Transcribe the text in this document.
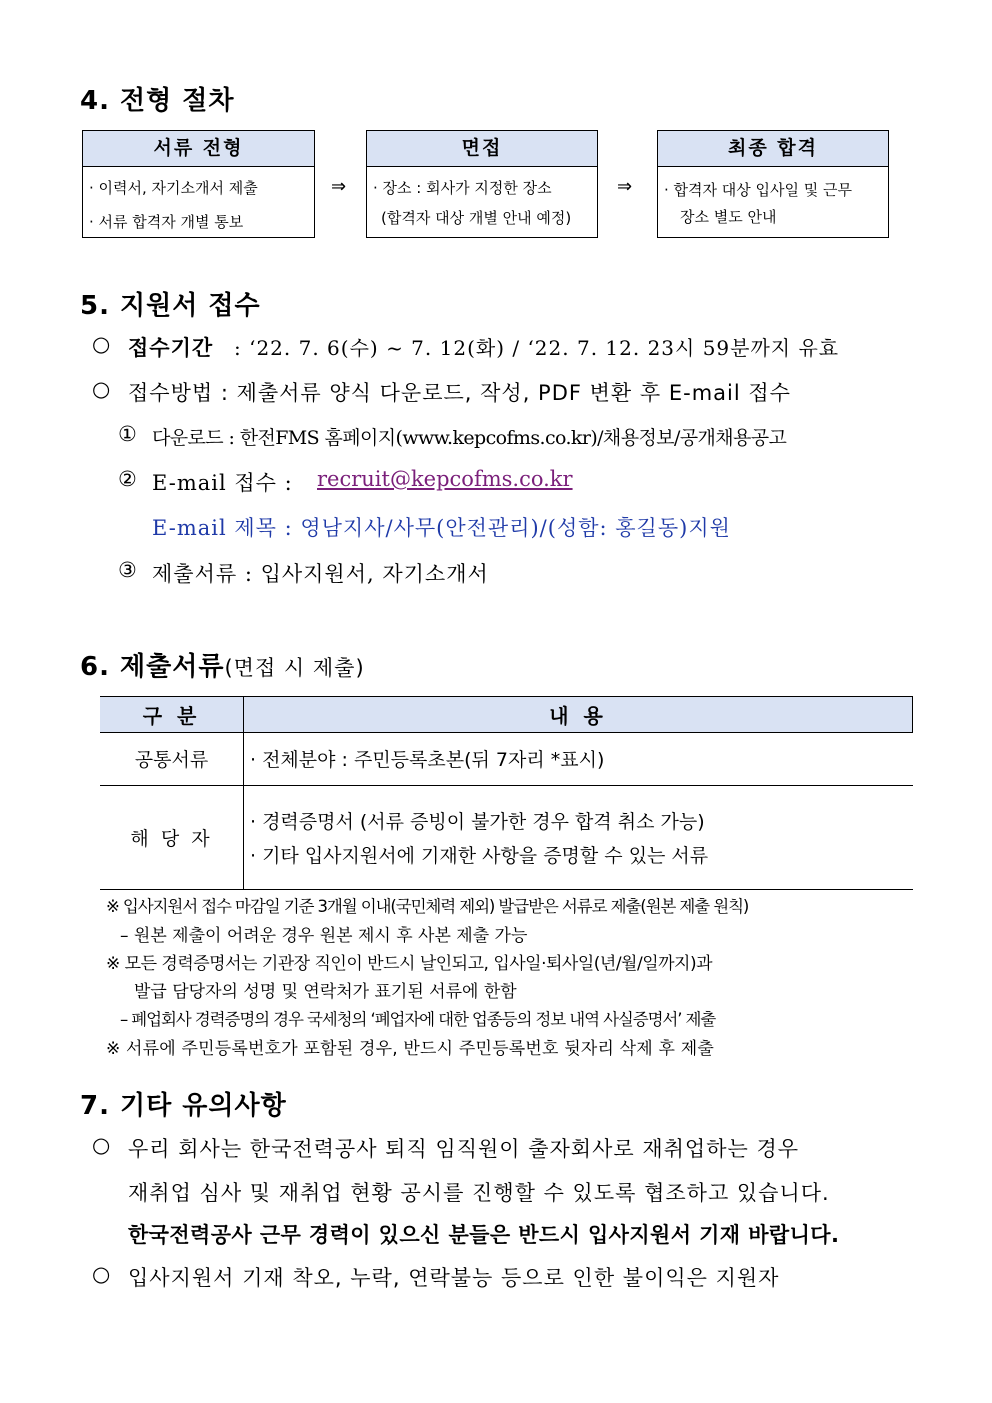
4. 전형 절차
서류 전형
· 이력서, 자기소개서 제출
· 서류 합격자 개별 통보
⇒
면접
· 장소 : 회사가 지정한 장소
(합격자 대상 개별 안내 예정)
⇒
최종 합격
· 합격자 대상 입사일 및 근무
장소 별도 안내
5. 지원서 접수
○ 접수기간 : ‘22. 7. 6(수) ~ 7. 12(화) / ‘22. 7. 12. 23시 59분까지 유효
○ 접수방법 : 제출서류 양식 다운로드, 작성, PDF 변환 후 E-mail 접수
① 다운로드 : 한전FMS 홈페이지(www.kepcofms.co.kr)/채용정보/공개채용공고
② E-mail 접수 : recruit@kepcofms.co.kr
E-mail 제목 : 영남지사/사무(안전관리)/(성함: 홍길동)지원
③ 제출서류 : 입사지원서, 자기소개서
6. 제출서류(면접 시 제출)
구 분	내 용
공통서류	· 전체분야 : 주민등록초본(뒤 7자리 *표시)
해 당 자
· 경력증명서 (서류 증빙이 불가한 경우 합격 취소 가능)
· 기타 입사지원서에 기재한 사항을 증명할 수 있는 서류
※ 입사지원서 접수 마감일 기준 3개월 이내(국민체력 제외) 발급받은 서류로 제출(원본 제출 원칙)
– 원본 제출이 어려운 경우 원본 제시 후 사본 제출 가능
※ 모든 경력증명서는 기관장 직인이 반드시 날인되고, 입사일·퇴사일(년/월/일까지)과
발급 담당자의 성명 및 연락처가 표기된 서류에 한함
– 폐업회사 경력증명의 경우 국세청의 ‘폐업자에 대한 업종등의 정보 내역 사실증명서’ 제출
※ 서류에 주민등록번호가 포함된 경우, 반드시 주민등록번호 뒷자리 삭제 후 제출
7. 기타 유의사항
○ 우리 회사는 한국전력공사 퇴직 임직원이 출자회사로 재취업하는 경우
재취업 심사 및 재취업 현황 공시를 진행할 수 있도록 협조하고 있습니다.
한국전력공사 근무 경력이 있으신 분들은 반드시 입사지원서 기재 바랍니다.
○ 입사지원서 기재 착오, 누락, 연락불능 등으로 인한 불이익은 지원자
